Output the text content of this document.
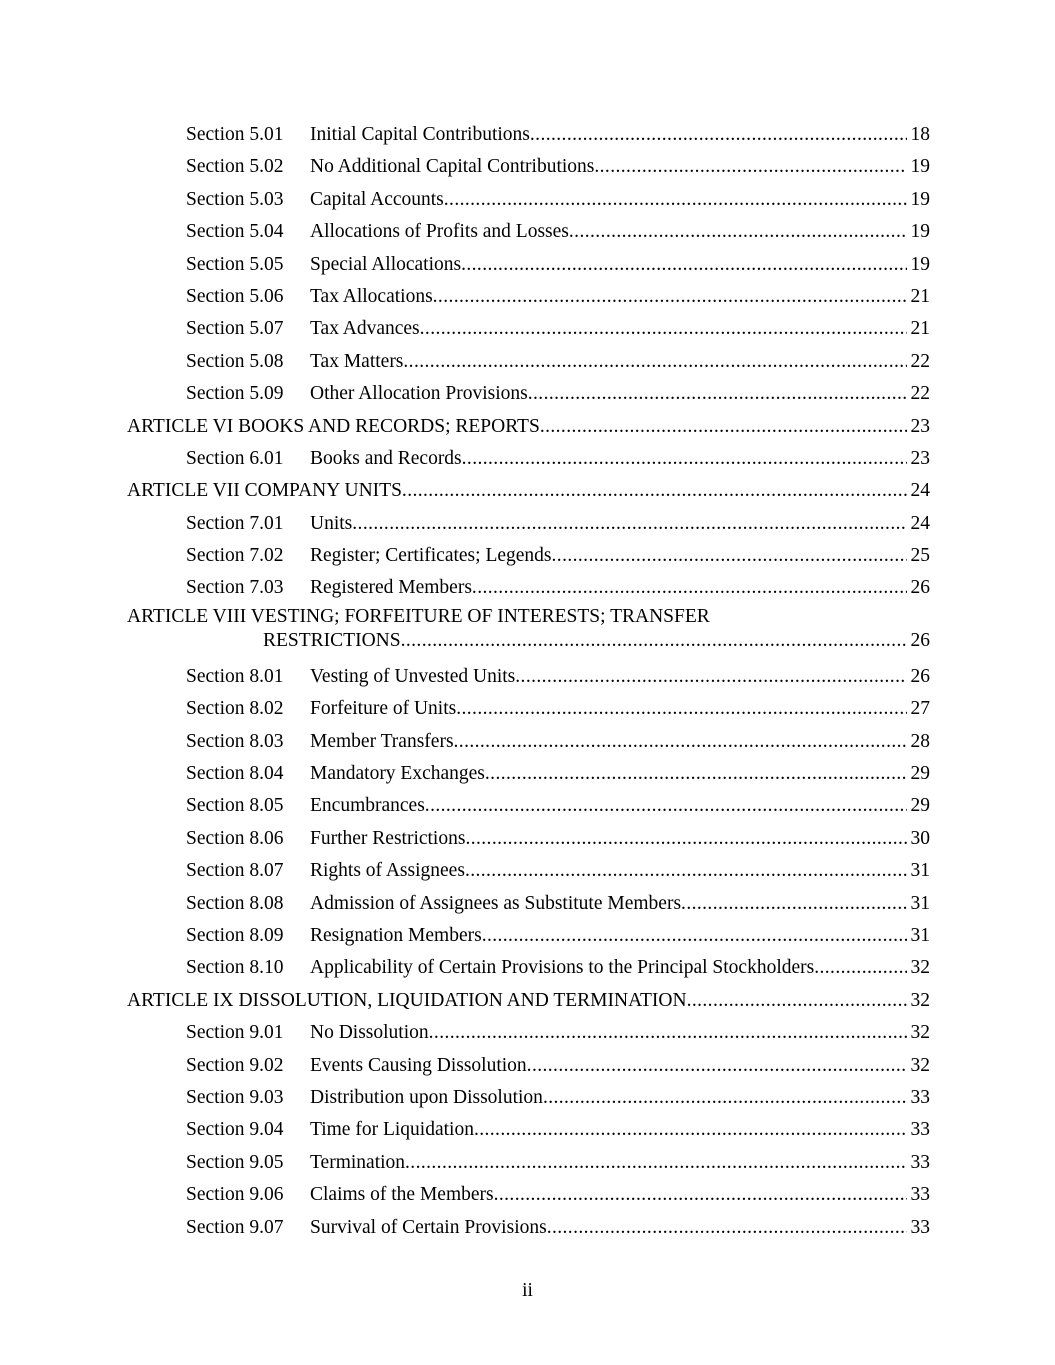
Section 5.01 Initial Capital Contributions .....	18
Section 5.02 No Additional Capital Contributions .....	19
Section 5.03 Capital Accounts .....	19
Section 5.04 Allocations of Profits and Losses .....	19
Section 5.05 Special Allocations .....	19
Section 5.06 Tax Allocations .....	21
Section 5.07 Tax Advances .....	21
Section 5.08 Tax Matters .....	22
Section 5.09 Other Allocation Provisions .....	22
ARTICLE VI BOOKS AND RECORDS; REPORTS .....	23
Section 6.01 Books and Records .....	23
ARTICLE VII COMPANY UNITS .....	24
Section 7.01 Units .....	24
Section 7.02 Register; Certificates; Legends .....	25
Section 7.03 Registered Members .....	26
ARTICLE VIII VESTING; FORFEITURE OF INTERESTS; TRANSFER
RESTRICTIONS .....	26
Section 8.01 Vesting of Unvested Units .....	26
Section 8.02 Forfeiture of Units .....	27
Section 8.03 Member Transfers .....	28
Section 8.04 Mandatory Exchanges .....	29
Section 8.05 Encumbrances .....	29
Section 8.06 Further Restrictions .....	30
Section 8.07 Rights of Assignees .....	31
Section 8.08 Admission of Assignees as Substitute Members .....	31
Section 8.09 Resignation Members .....	31
Section 8.10 Applicability of Certain Provisions to the Principal Stockholders .....	32
ARTICLE IX DISSOLUTION, LIQUIDATION AND TERMINATION .....	32
Section 9.01 No Dissolution .....	32
Section 9.02 Events Causing Dissolution .....	32
Section 9.03 Distribution upon Dissolution .....	33
Section 9.04 Time for Liquidation .....	33
Section 9.05 Termination .....	33
Section 9.06 Claims of the Members .....	33
Section 9.07 Survival of Certain Provisions .....	33
ii
